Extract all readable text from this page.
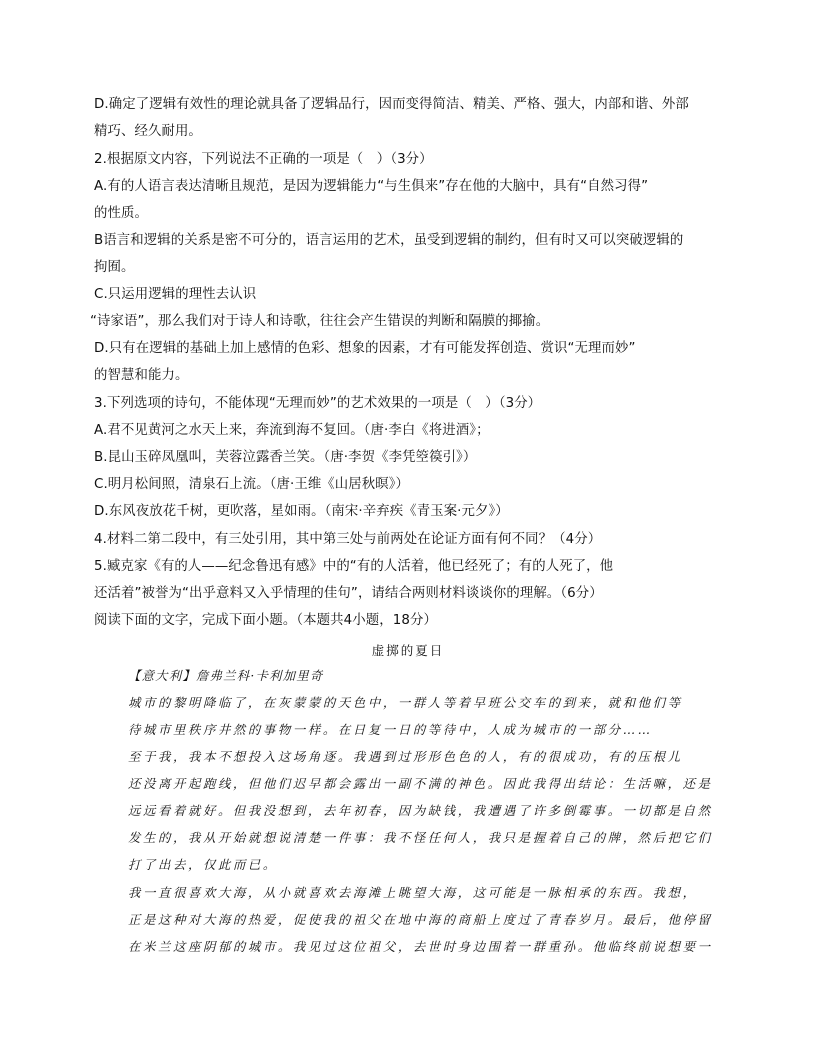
D.确定了逻辑有效性的理论就具备了逻辑品行，因而变得简洁、精美、严格、强大，内部和谐、外部
精巧、经久耐用。
2.根据原文内容，下列说法不正确的一项是（　）（3分）
A.有的人语言表达清晰且规范，是因为逻辑能力“与生俱来”存在他的大脑中，具有“自然习得”
的性质。
B语言和逻辑的关系是密不可分的，语言运用的艺术，虽受到逻辑的制约，但有时又可以突破逻辑的
拘囿。
C.只运用逻辑的理性去认识
“诗家语”，那么我们对于诗人和诗歌，往往会产生错误的判断和隔膜的揶揄。
D.只有在逻辑的基础上加上感情的色彩、想象的因素，才有可能发挥创造、赏识“无理而妙”
的智慧和能力。
3.下列选项的诗句，不能体现“无理而妙”的艺术效果的一项是（　）（3分）
A.君不见黄河之水天上来，奔流到海不复回。（唐·李白《将进酒》；
B.昆山玉碎凤凰叫，芙蓉泣露香兰笑。（唐·李贺《李凭箜篌引》）
C.明月松间照，清泉石上流。（唐·王维《山居秋暝》）
D.东风夜放花千树，更吹落，星如雨。（南宋·辛弃疾《青玉案·元夕》）
4.材料二第二段中，有三处引用，其中第三处与前两处在论证方面有何不同？（4分）
5.臧克家《有的人——纪念鲁迅有感》中的“有的人活着，他已经死了；有的人死了，他
还活着”被誉为“出乎意料又入乎情理的佳句”，请结合两则材料谈谈你的理解。（6分）
阅读下面的文字，完成下面小题。（本题共4小题，18分）
虚掷的夏日
【意大利】詹弗兰科·卡利加里奇
城市的黎明降临了，在灰蒙蒙的天色中，一群人等着早班公交车的到来，就和他们等
待城市里秩序井然的事物一样。在日复一日的等待中，人成为城市的一部分……
至于我，我本不想投入这场角逐。我遇到过形形色色的人，有的很成功，有的压根儿
还没离开起跑线，但他们迟早都会露出一副不满的神色。因此我得出结论：生活嘛，还是
远远看着就好。但我没想到，去年初春，因为缺钱，我遭遇了许多倒霉事。一切都是自然
发生的，我从开始就想说清楚一件事：我不怪任何人，我只是握着自己的牌，然后把它们
打了出去，仅此而已。
我一直很喜欢大海，从小就喜欢去海滩上眺望大海，这可能是一脉相承的东西。我想，
正是这种对大海的热爱，促使我的祖父在地中海的商船上度过了青春岁月。最后，他停留
在米兰这座阴郁的城市。我见过这位祖父，去世时身边围着一群重孙。他临终前说想要一
